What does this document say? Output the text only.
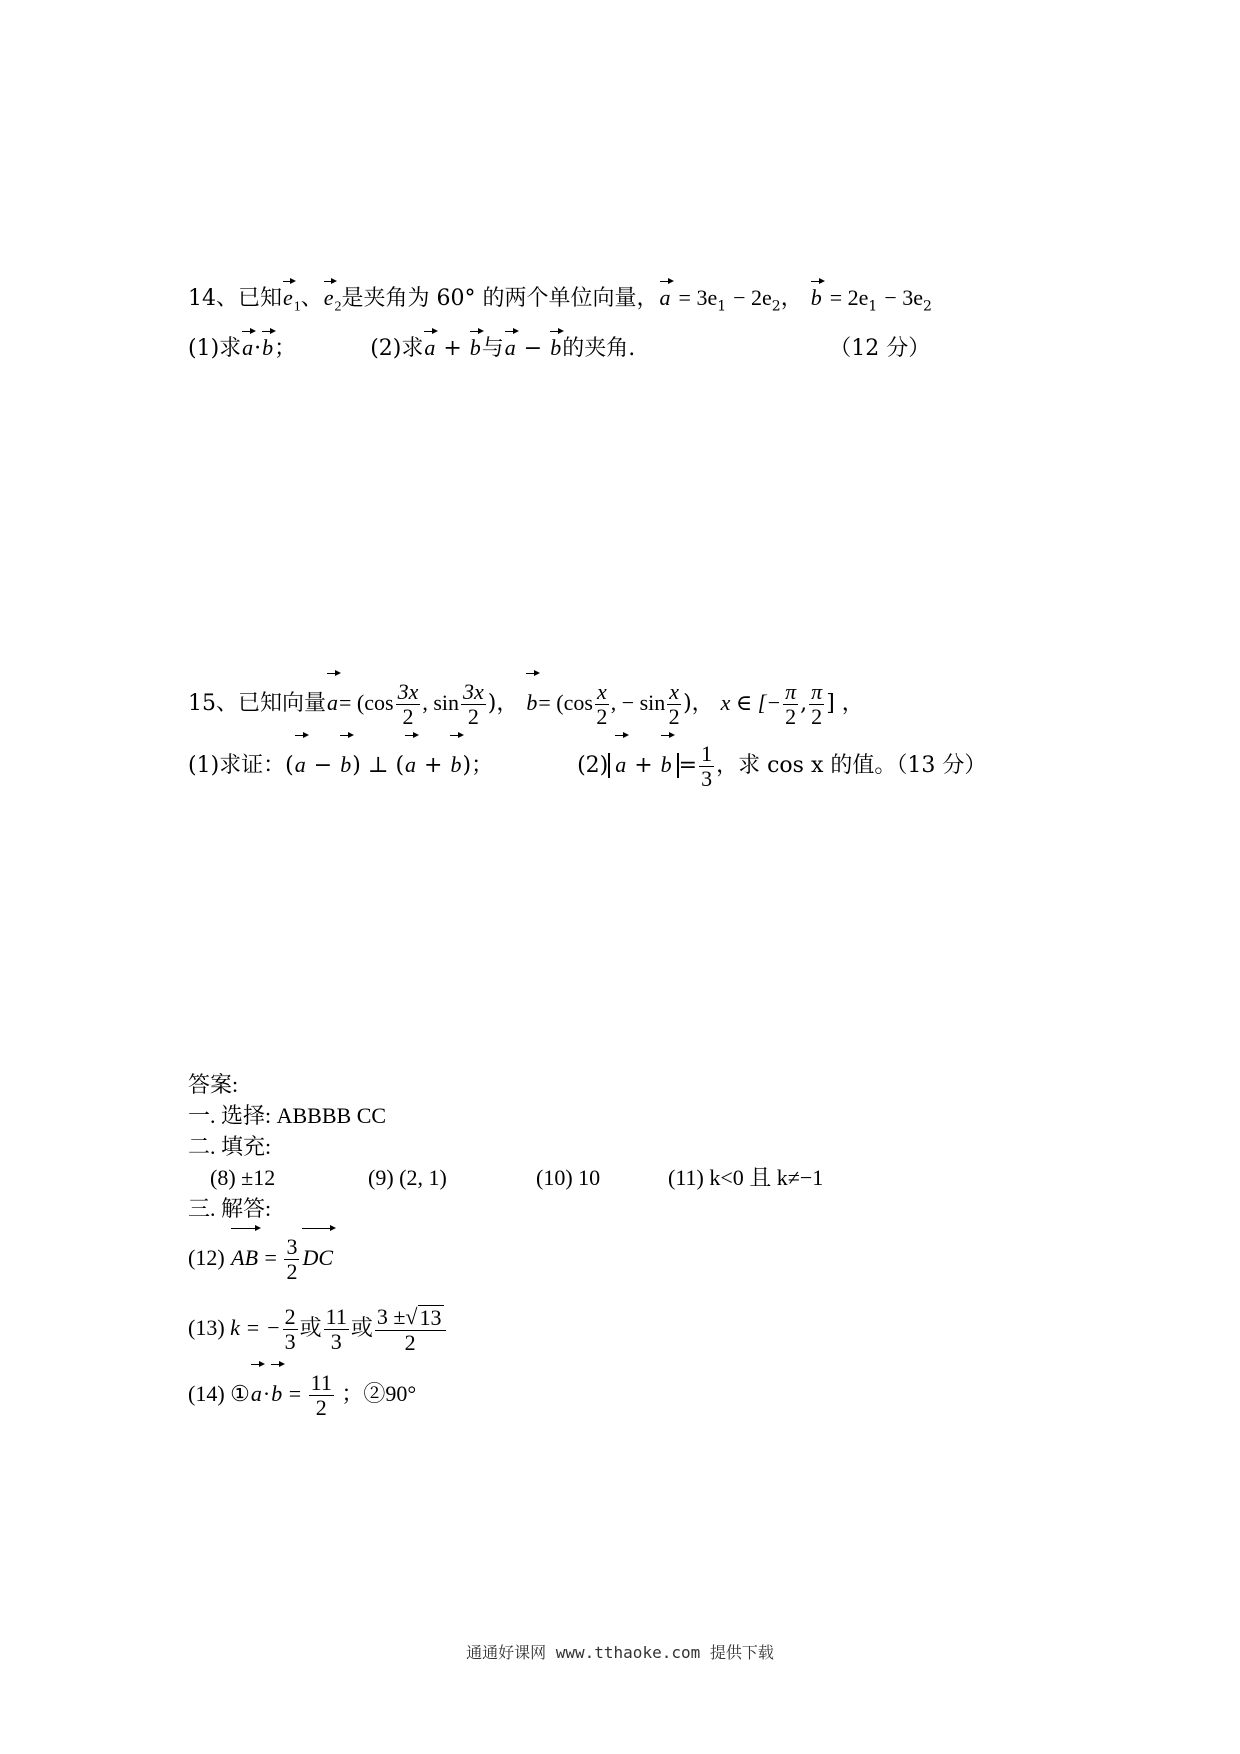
14、已知$e_1$、$e_2$是夹角为 60° 的两个单位向量，$a = 3e_1 - 2e_2$， $b = 2e_1 - 3e_2$
(1)求a·b；	(2)求a + b与a − b的夹角.	（12 分）
15、已知向量$a= (\cos \frac{3x}{2}$ , $\sin \frac{3x}{2}$ )， $b= (\cos \frac{x}{2}$ , − $\sin \frac{x}{2}$ )， x ∈ [− $\frac{\pi}{2}$ , $\frac{\pi}{2}$ ] ，
(1)求证：(a − b) ⊥ (a + b)；	(2) $a + b = \frac{1}{3}$ ，求 cos x 的值。（13 分）
答案:
一. 选择: ABBBB CC
二. 填充:
(8) ±12	(9) (2, 1)	(10) 10	(11) k<0 且 k≠−1
三. 解答:
(12) AB = $\frac{3}{2}$ DC
(13) k = − $\frac{2}{3}$ 或 $\frac{11}{3}$ 或 $\frac{3 \pm√ 13}{2}$
(14) ①a·b = $\frac{11}{2}$ ；②90°
通通好课网 www.tthaoke.com 提供下载
